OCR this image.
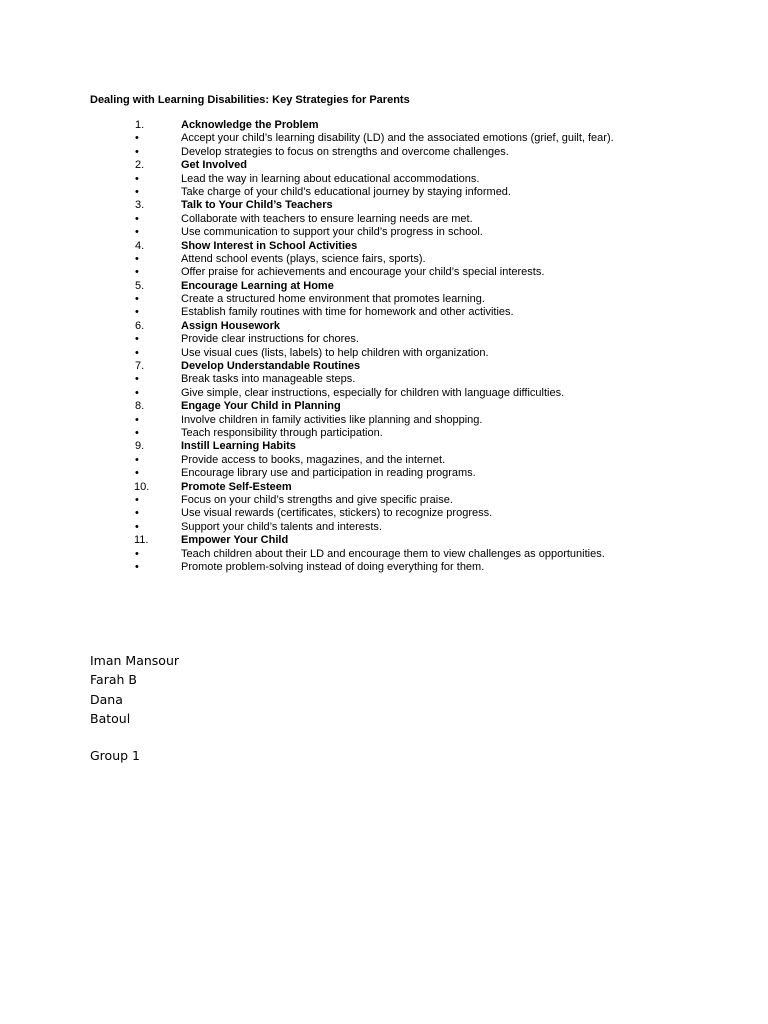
Dealing with Learning Disabilities: Key Strategies for Parents
1.	Acknowledge the Problem
•	Accept your child’s learning disability (LD) and the associated emotions (grief, guilt, fear).
•	Develop strategies to focus on strengths and overcome challenges.
2.	Get Involved
•	Lead the way in learning about educational accommodations.
•	Take charge of your child’s educational journey by staying informed.
3.	Talk to Your Child’s Teachers
•	Collaborate with teachers to ensure learning needs are met.
•	Use communication to support your child’s progress in school.
4.	Show Interest in School Activities
•	Attend school events (plays, science fairs, sports).
•	Offer praise for achievements and encourage your child’s special interests.
5.	Encourage Learning at Home
•	Create a structured home environment that promotes learning.
•	Establish family routines with time for homework and other activities.
6.	Assign Housework
•	Provide clear instructions for chores.
•	Use visual cues (lists, labels) to help children with organization.
7.	Develop Understandable Routines
•	Break tasks into manageable steps.
•	Give simple, clear instructions, especially for children with language difficulties.
8.	Engage Your Child in Planning
•	Involve children in family activities like planning and shopping.
•	Teach responsibility through participation.
9.	Instill Learning Habits
•	Provide access to books, magazines, and the internet.
•	Encourage library use and participation in reading programs.
10.	Promote Self-Esteem
•	Focus on your child’s strengths and give specific praise.
•	Use visual rewards (certificates, stickers) to recognize progress.
•	Support your child’s talents and interests.
11.	Empower Your Child
•	Teach children about their LD and encourage them to view challenges as opportunities.
•	Promote problem-solving instead of doing everything for them.
Iman Mansour
Farah B
Dana
Batoul
Group 1
